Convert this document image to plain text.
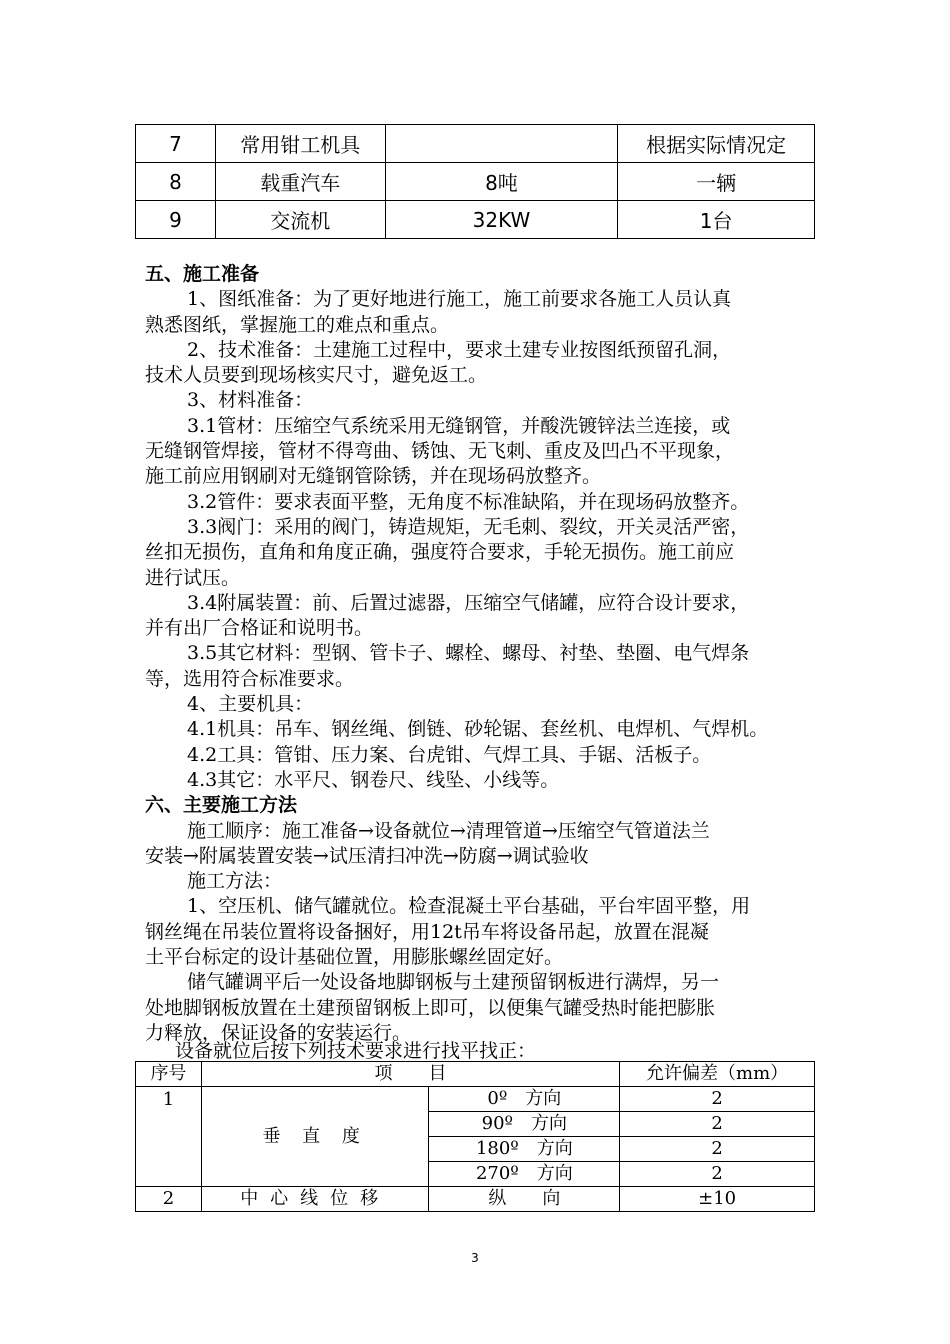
7	常用钳工机具		根据实际情况定
8	载重汽车	8吨	一辆
9	交流机	32KW	1台
五、施工准备
1、图纸准备：为了更好地进行施工，施工前要求各施工人员认真
熟悉图纸，掌握施工的难点和重点。
2、技术准备：土建施工过程中，要求土建专业按图纸预留孔洞，
技术人员要到现场核实尺寸，避免返工。
3、材料准备：
3.1管材：压缩空气系统采用无缝钢管，并酸洗镀锌法兰连接，或
无缝钢管焊接，管材不得弯曲、锈蚀、无飞刺、重皮及凹凸不平现象，
施工前应用钢刷对无缝钢管除锈，并在现场码放整齐。
3.2管件：要求表面平整，无角度不标准缺陷，并在现场码放整齐。
3.3阀门：采用的阀门，铸造规矩，无毛刺、裂纹，开关灵活严密，
丝扣无损伤，直角和角度正确，强度符合要求，手轮无损伤。施工前应
进行试压。
3.4附属装置：前、后置过滤器，压缩空气储罐，应符合设计要求，
并有出厂合格证和说明书。
3.5其它材料：型钢、管卡子、螺栓、螺母、衬垫、垫圈、电气焊条
等，选用符合标准要求。
4、主要机具：
4.1机具：吊车、钢丝绳、倒链、砂轮锯、套丝机、电焊机、气焊机。
4.2工具：管钳、压力案、台虎钳、气焊工具、手锯、活板子。
4.3其它：水平尺、钢卷尺、线坠、小线等。
六、主要施工方法
施工顺序：施工准备→设备就位→清理管道→压缩空气管道法兰
安装→附属装置安装→试压清扫冲洗→防腐→调试验收
施工方法：
1、空压机、储气罐就位。检查混凝土平台基础，平台牢固平整，用
钢丝绳在吊装位置将设备捆好，用12t吊车将设备吊起，放置在混凝
土平台标定的设计基础位置，用膨胀螺丝固定好。
储气罐调平后一处设备地脚钢板与土建预留钢板进行满焊，另一
处地脚钢板放置在土建预留钢板上即可，以便集气罐受热时能把膨胀
力释放，保证设备的安装运行。
设备就位后按下列技术要求进行找平找正：
序号	项　　目		允许偏差（mm）
1	垂 直 度	0º　方向	2
		90º　方向	2
		180º　方向	2
		270º　方向	2
2	中心线位移	纵　　向	±10
3
